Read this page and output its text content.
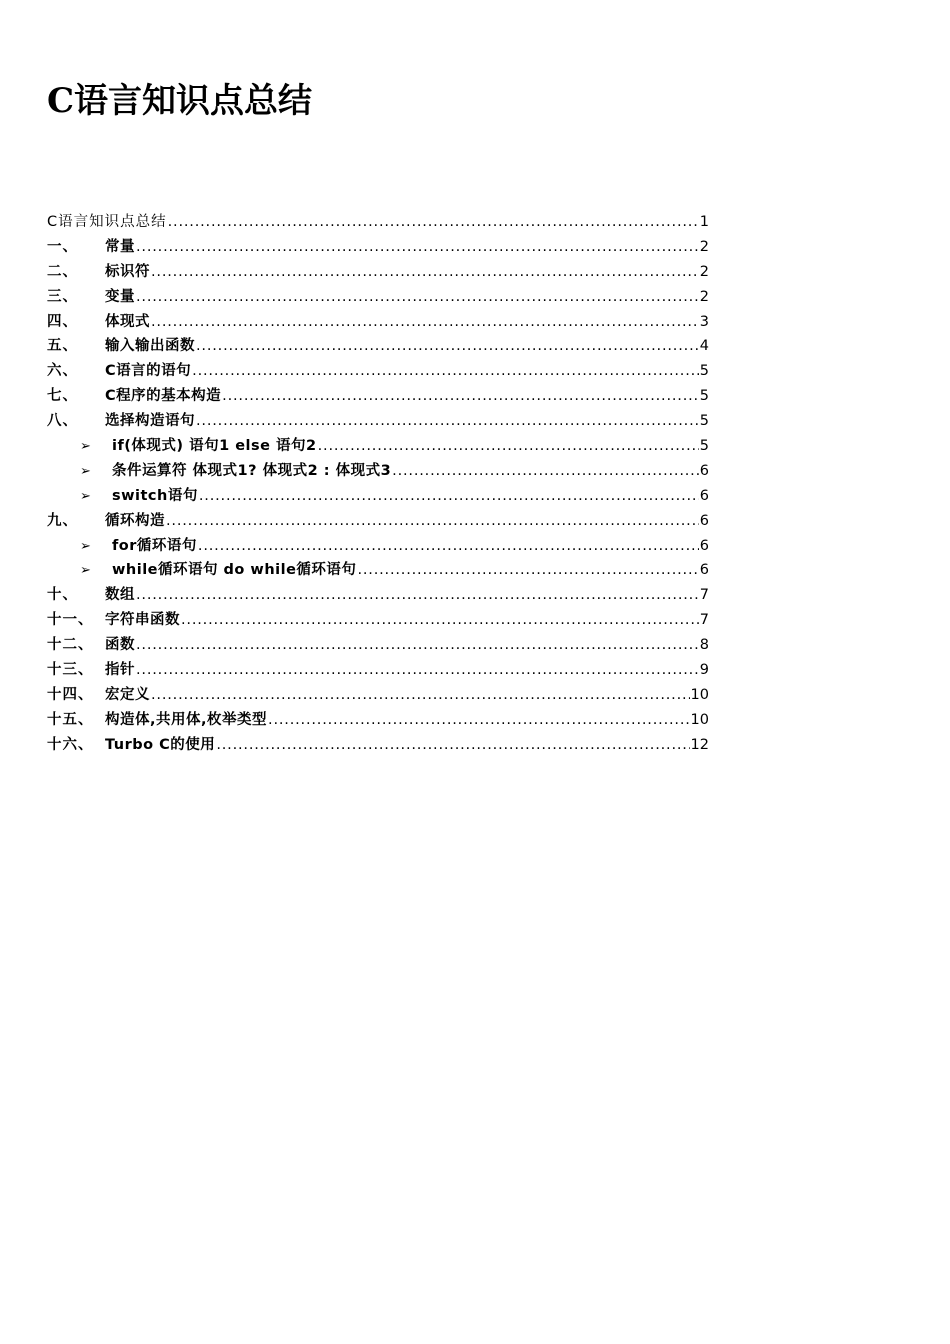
C语言知识点总结
C语言知识点总结 . . .	1
一、	常量 . . .	2
二、	标识符 . . .	2
三、	变量 . . .	2
四、	体现式 . . .	3
五、	输入输出函数 . . .	4
六、	C语言的语句 . . .	5
七、	C程序的基本构造 . . .	5
八、	选择构造语句 . . .	5
➢	if(体现式) 语句1 else 语句2 . . .	5
➢	条件运算符 体现式1? 体现式2 : 体现式3 . . .	6
➢	switch语句 . . .	6
九、	循环构造 . . .	6
➢	for循环语句 . . .	6
➢	while循环语句 do while循环语句 . . .	6
十、	数组 . . .	7
十一、 字符串函数 . . .	7
十二、 函数 . . .	8
十三、 指针 . . .	9
十四、 宏定义 . . .	10
十五、 构造体,共用体,枚举类型 . . .	10
十六、 Turbo C的使用 . . .	12
